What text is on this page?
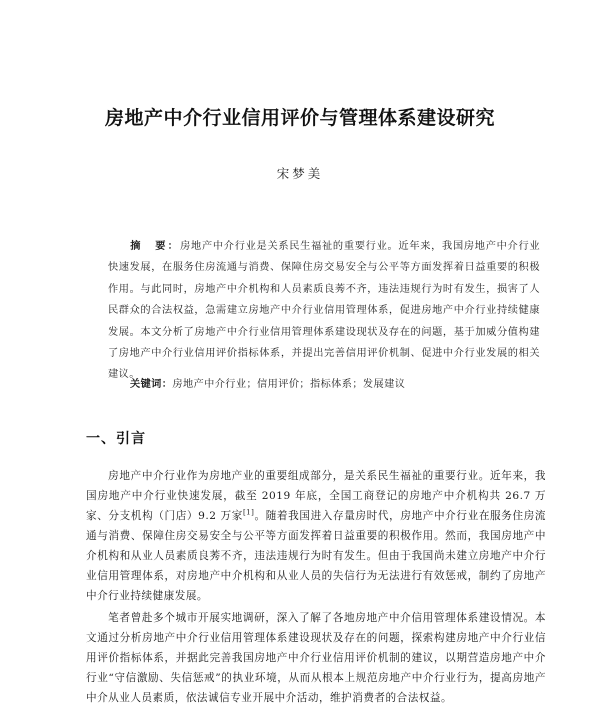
房地产中介行业信用评价与管理体系建设研究
宋梦美
摘　要：房地产中介行业是关系民生福祉的重要行业。近年来，我国房地产中介行业快速发展，在服务住房流通与消费、保障住房交易安全与公平等方面发挥着日益重要的积极作用。与此同时，房地产中介机构和人员素质良莠不齐，违法违规行为时有发生，损害了人民群众的合法权益，急需建立房地产中介行业信用管理体系，促进房地产中介行业持续健康发展。本文分析了房地产中介行业信用管理体系建设现状及存在的问题，基于加威分值构建了房地产中介行业信用评价指标体系，并提出完善信用评价机制、促进中介行业发展的相关建议。
关键词：房地产中介行业；信用评价；指标体系；发展建议
一、引言

房地产中介行业作为房地产业的重要组成部分，是关系民生福祉的重要行业。近年来，我国房地产中介行业快速发展，截至 2019 年底，全国工商登记的房地产中介机构共 26.7 万家、分支机构（门店）9.2 万家[1]。随着我国进入存量房时代，房地产中介行业在服务住房流通与消费、保障住房交易安全与公平等方面发挥着日益重要的积极作用。然而，我国房地产中介机构和从业人员素质良莠不齐，违法违规行为时有发生。但由于我国尚未建立房地产中介行业信用管理体系，对房地产中介机构和从业人员的失信行为无法进行有效惩戒，制约了房地产中介行业持续健康发展。

笔者曾赴多个城市开展实地调研，深入了解了各地房地产中介信用管理体系建设情况。本文通过分析房地产中介行业信用管理体系建设现状及存在的问题，探索构建房地产中介行业信用评价指标体系，并据此完善我国房地产中介行业信用评价机制的建议，以期营造房地产中介行业“守信激励、失信惩戒”的执业环境，从而从根本上规范房地产中介行业行为，提高房地产中介从业人员素质，依法诚信专业开展中介活动，维护消费者的合法权益。
